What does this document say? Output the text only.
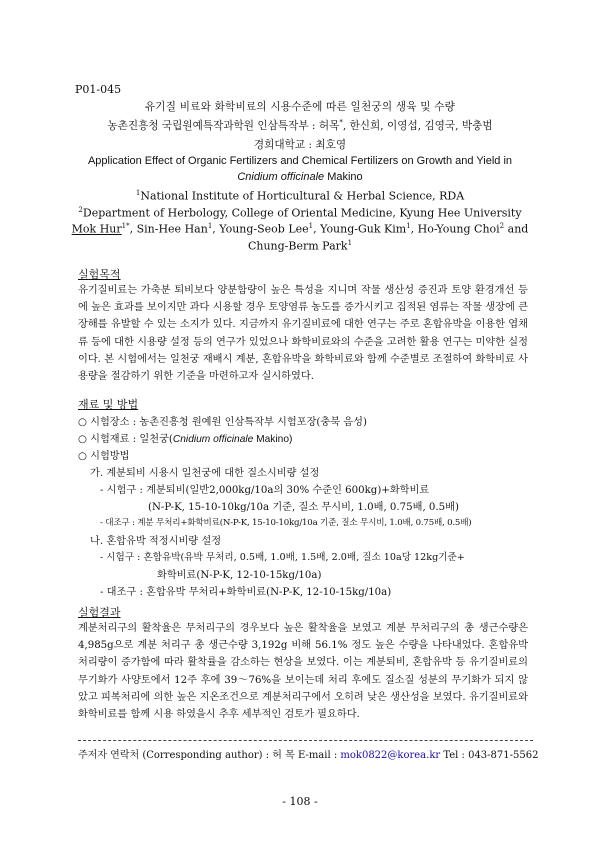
P01-045
유기질 비료와 화학비료의 시용수준에 따른 일천궁의 생육 및 수량
농촌진흥청 국립원예특작과학원 인삼특작부 : 허목*, 한신희, 이영섭, 김영국, 박충범
경희대학교 : 최호영
Application Effect of Organic Fertilizers and Chemical Fertilizers on Growth and Yield in
Cnidium officinale Makino
$^1$National Institute of Horticultural & Herbal Science, RDA
$^2$Department of Herbology, College of Oriental Medicine, Kyung Hee University
Mok Hur$^{1*}$, Sin-Hee Han$^1$, Young-Seob Lee$^1$, Young-Guk Kim$^1$, Ho-Young Choi$^2$ and
Chung-Berm Park$^1$
실험목적
유기질비료는 가축분 퇴비보다 양분함량이 높은 특성을 지니며 작물 생산성 증진과 토양 환경개선 등에 높은 효과를 보이지만 과다 시용할 경우 토양염류 농도를 증가시키고 집적된 염류는 작물 생장에 큰 장해를 유발할 수 있는 소지가 있다. 지금까지 유기질비료에 대한 연구는 주로 혼합유박을 이용한 엽채류 등에 대한 시용량 설정 등의 연구가 있었으나 화학비료와의 수준을 고려한 활용 연구는 미약한 실정이다. 본 시험에서는 일천궁 재배시 계분, 혼합유박을 화학비료와 함께 수준별로 조절하여 화학비료 사용량을 절감하기 위한 기준을 마련하고자 실시하였다.
재료 및 방법
○ 시험장소 : 농촌진흥청 원예원 인삼특작부 시험포장(충북 음성)
○ 시험재료 : 일천궁(Cnidium officinale Makino)
○ 시험방법
가. 계분퇴비 시용시 일천궁에 대한 질소시비량 설정
- 시험구 : 계분퇴비(일반2,000kg/10a의 30% 수준인 600kg)+화학비료
(N-P-K, 15-10-10kg/10a 기준, 질소 무시비, 1.0배, 0.75배, 0.5배)
- 대조구 : 계분 무처리+화학비료(N-P-K, 15-10-10kg/10a 기준, 질소 무시비, 1.0배, 0.75배, 0.5배)
나. 혼합유박 적정시비량 설정
- 시험구 : 혼합유박(유박 무처리, 0.5배, 1.0배, 1.5배, 2.0배, 질소 10a당 12kg기준+
화학비료(N-P-K, 12-10-15kg/10a)
- 대조구 : 혼합유박 무처리+화학비료(N-P-K, 12-10-15kg/10a)
실험결과
계분처리구의 활착율은 무처리구의 경우보다 높은 활착율을 보였고 계분 무처리구의 총 생근수량은 4,985g으로 계분 처리구 총 생근수량 3,192g 비해 56.1% 정도 높은 수량을 나타내었다. 혼합유박 처리량이 증가함에 따라 활착률을 감소하는 현상을 보였다. 이는 계분퇴비, 혼합유박 등 유기질비료의 무기화가 사양토에서 12주 후에 39～76%을 보이는데 처리 후에도 질소질 성분의 무기화가 되지 않았고 피복처리에 의한 높은 지온조건으로 계분처리구에서 오히려 낮은 생산성을 보였다. 유기질비료와 화학비료를 함께 시용 하였을시 추후 세부적인 검토가 필요하다.
주저자 연락처 (Corresponding author) : 허 목 E-mail : mok0822@korea.kr Tel : 043-871-5562
- 108 -
